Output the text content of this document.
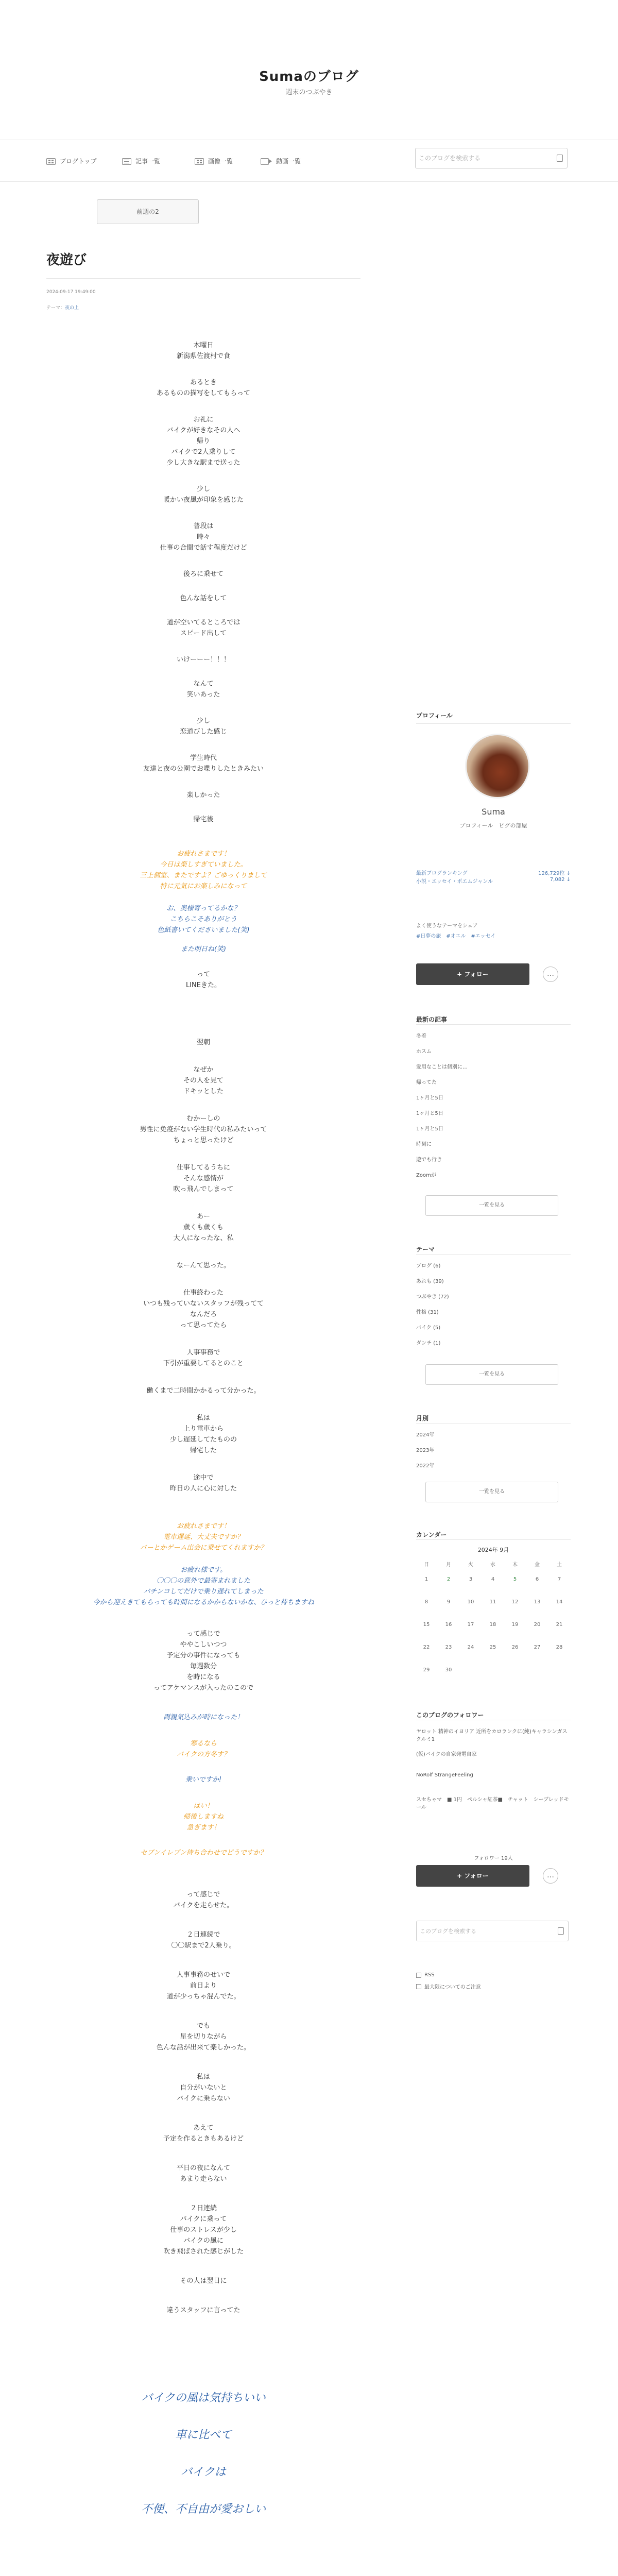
Sumaのブログ
週末のつぶやき
ブログトップ	記事一覧	画像一覧	動画一覧
このブログを検索する
前週の2
夜遊び
2024-09-17 19:49:00
テーマ：夜の上
木曜日
新潟県佐渡村で食
あるとき
あるものの描写をしてもらって
お礼に
バイクが好きなその人へ
帰り
バイクで2人乗りして
少し大きな駅まで送った
少し
暖かい夜風が印象を感じた
普段は
時々
仕事の合間で話す程度だけど
後ろに乗せて
色んな話をして
道が空いてるところでは
スピード出して
いけーーー！！！
なんて
笑いあった
少し
恋道びした感じ
学生時代
友達と夜の公園でお喋りしたときみたい
楽しかった
帰宅後
お疲れさまです！
今日は楽しすぎていました。
三上個室、またですよ？ごゆっくりまして
特に元気にお楽しみになって
お、奥様寄ってるかな？
こちらこそありがとう
色紙書いてくださいました(笑)
また明日ね(笑)
って
LINEきた。
翌朝
なぜか
その人を見て
ドキッとした
むかーしの
男性に免疫がない学生時代の私みたいって
ちょっと思ったけど
仕事してるうちに
そんな感情が
吹っ飛んでしまって
あー
歳くも歳くも
大人になったな、私
なーんて思った。
仕事終わった
いつも残っていないスタッフが残ってて
なんだろ
って思ってたら
人事事務で
下引が重要してるとのこと
働くまで二時間かかるって分かった。
私は
上り電車から
少し遅延してたものの
帰宅した
途中で
昨日の人に心に対した
お疲れさまです！
電車遅延、大丈夫ですか？
バーとかゲーム出会に乗せてくれますか？
お疲れ様です。
〇〇〇の意外で最寄まれました
バチンコしてだけで乗り遅れてしまった
今から迎えきてもらっても時間になるかからないかな、ひっと待ちますね
って感じで
ややこしいつつ
予定分の事件になっても
毎週数分
を時になる
ってアケマンスが入ったのこので
両親気込みが時になった！
寒るなら
バイクの方冬す？
乗いですか!
はい！
帰後しますね
急ぎます！
セブンイレブン待ち合わせでどうですか？
って感じで
バイクを走らせた。
２日連続で
〇〇駅まで2人乗り。
人事事務のせいで
前日より
道が少っちゃ混んでた。
でも
星を切りながら
色んな話が出来て楽しかった。
私は
自分がいないと
バイクに乗らない
あえて
予定を作るときもあるけど
平日の夜になんて
あまり走らない
２日連続
バイクに乗って
仕事のストレスが少し
バイクの風に
吹き飛ばされた感じがした
その人は翌日に
違うスタッフに言ってた
バイクの風は気持ちいい
車に比べて
バイクは
不便、不自由が愛おしい
プロフィール
Suma
プロフィール　ピグの部屋
最新ブログランキング	126,729位 ↓
小説・エッセイ・ポエムジャンル	7,082 ↓
よく使うなテーマをシェア
#日夢の旅　#オエル　#エッセイ
+ フォロー	…
最新の記事
冬着
ホスム
愛用なことは個別に…
帰ってた
1ヶ月と5日
1ヶ月と5日
1ヶ月と5日
時刻に
遊でも行き
Zoomが
一覧を見る
テーマ
ブログ (6)
あれも (39)
つぶやき (72)
性格 (31)
バイク (5)
ダンチ (1)
一覧を見る
月別
2024年
2023年
2022年
一覧を見る
カレンダー
2024年 9月
日	月	火	水	木	金	土
1	2	3	4	5	6	7
8	9	10	11	12	13	14
15	16	17	18	19	20	21
22	23	24	25	26	27	28
29	30
このブログのフォロワー
ヤロット 精神のイヨリア 近所をカロランクに(純)キャラシンガスクルミ1
(仮)バイクの自家発電自家
NoRolf StrangeFeeling
スセちゃマ　■ 1円　ペルシャ紅茶■　チャット　シーブレッドモール
フォロワー 19人
+ フォロー	…
このブログを検索する
RSS
最大限についてのご注意
